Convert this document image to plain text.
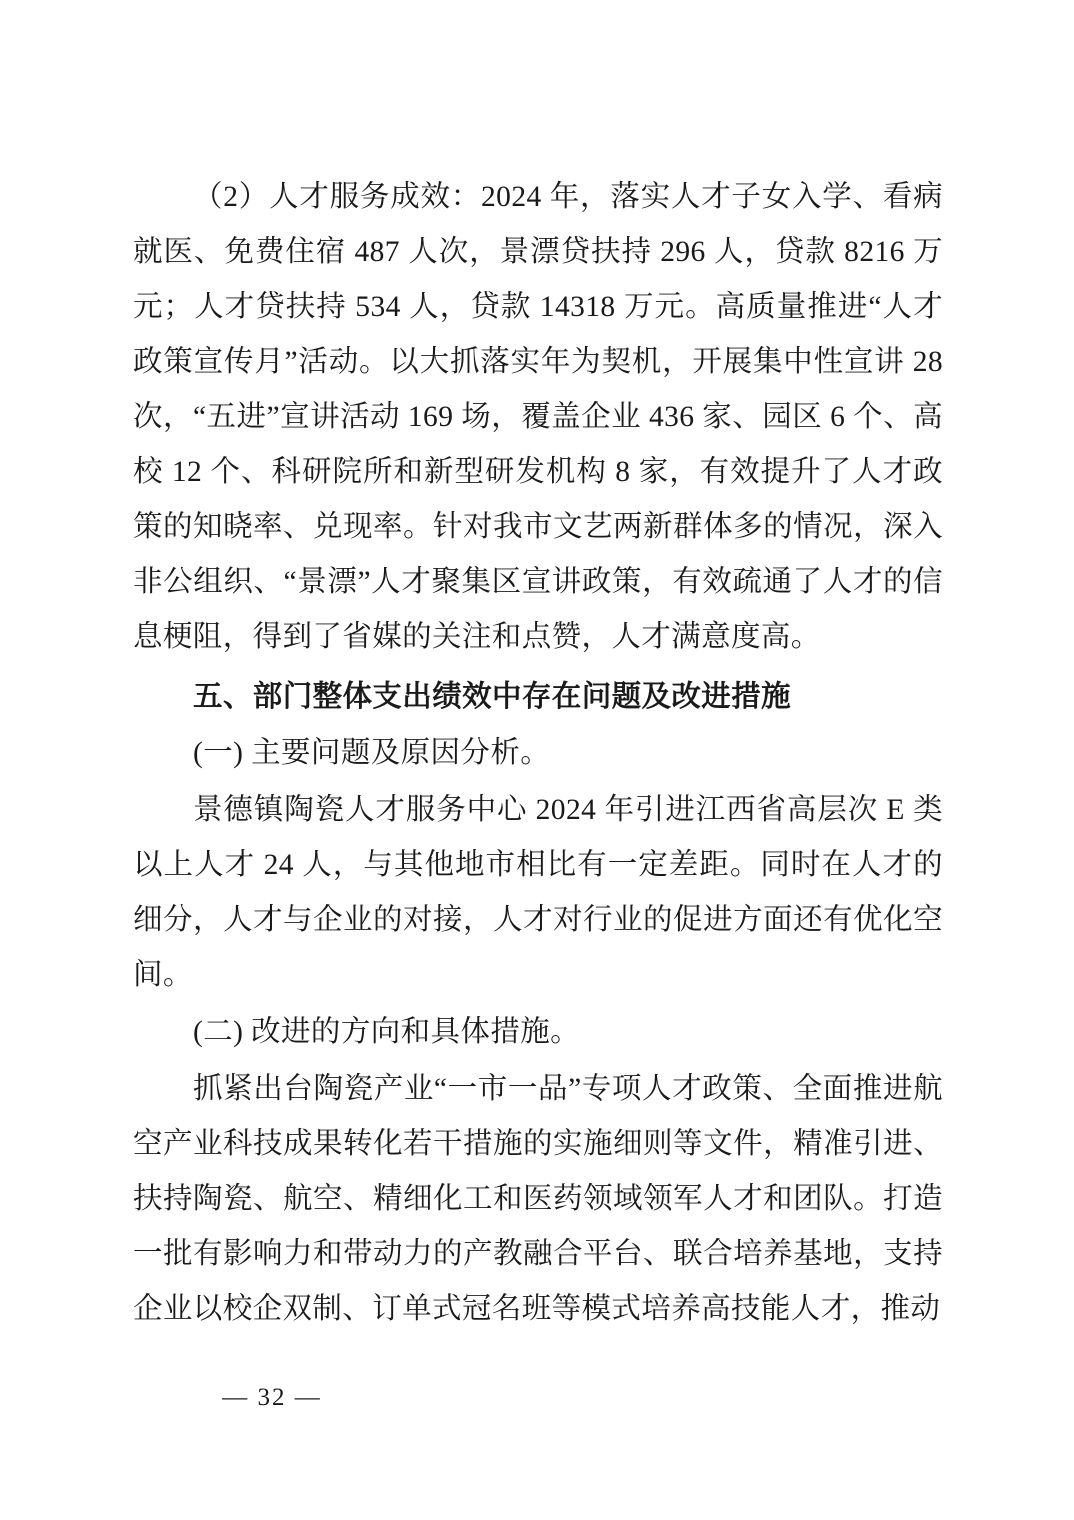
（2）人才服务成效：2024 年，落实人才子女入学、看病就医、免费住宿 487 人次，景漂贷扶持 296 人，贷款 8216 万元；人才贷扶持 534 人，贷款 14318 万元。高质量推进“人才政策宣传月”活动。以大抓落实年为契机，开展集中性宣讲 28 次，“五进”宣讲活动 169 场，覆盖企业 436 家、园区 6 个、高校 12 个、科研院所和新型研发机构 8 家，有效提升了人才政策的知晓率、兑现率。针对我市文艺两新群体多的情况，深入非公组织、“景漂”人才聚集区宣讲政策，有效疏通了人才的信息梗阻，得到了省媒的关注和点赞，人才满意度高。

五、部门整体支出绩效中存在问题及改进措施

(一) 主要问题及原因分析。

景德镇陶瓷人才服务中心 2024 年引进江西省高层次 E 类以上人才 24 人，与其他地市相比有一定差距。同时在人才的细分，人才与企业的对接，人才对行业的促进方面还有优化空间。

(二) 改进的方向和具体措施。

抓紧出台陶瓷产业“一市一品”专项人才政策、全面推进航空产业科技成果转化若干措施的实施细则等文件，精准引进、扶持陶瓷、航空、精细化工和医药领域领军人才和团队。打造一批有影响力和带动力的产教融合平台、联合培养基地，支持企业以校企双制、订单式冠名班等模式培养高技能人才，推动

— 32 —
